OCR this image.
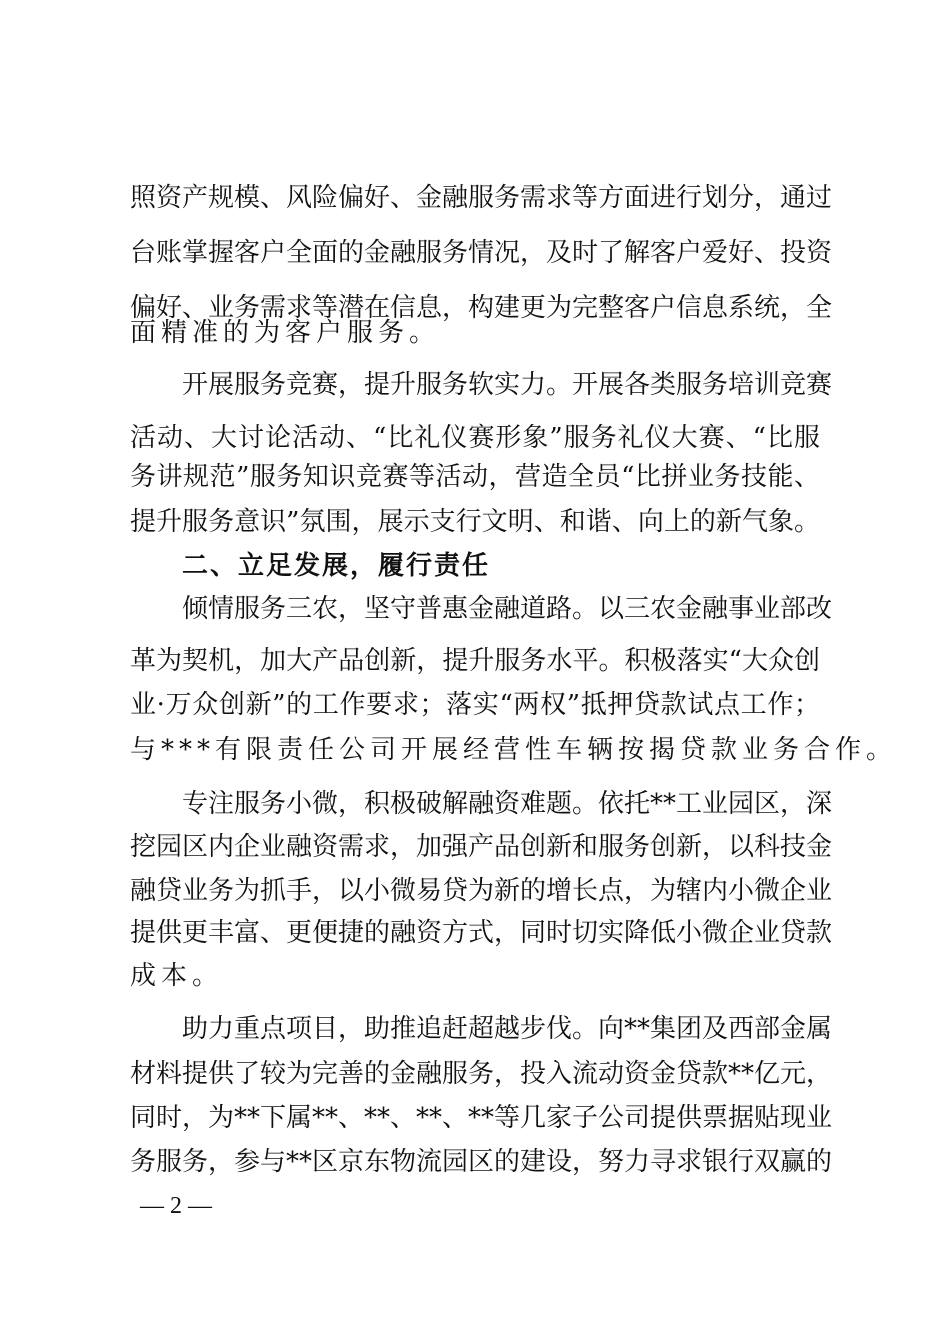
照资产规模、风险偏好、金融服务需求等方面进行划分，通过
台账掌握客户全面的金融服务情况，及时了解客户爱好、投资
偏好、业务需求等潜在信息，构建更为完整客户信息系统，全
面精准的为客户服务。
开展服务竞赛，提升服务软实力。开展各类服务培训竞赛
活动、大讨论活动、“比礼仪赛形象”服务礼仪大赛、“比服
务讲规范”服务知识竞赛等活动，营造全员“比拼业务技能、
提升服务意识”氛围，展示支行文明、和谐、向上的新气象。
二、立足发展，履行责任
倾情服务三农，坚守普惠金融道路。以三农金融事业部改
革为契机，加大产品创新，提升服务水平。积极落实“大众创
业·万众创新”的工作要求；落实“两权”抵押贷款试点工作；
与***有限责任公司开展经营性车辆按揭贷款业务合作。
专注服务小微，积极破解融资难题。依托**工业园区，深
挖园区内企业融资需求，加强产品创新和服务创新，以科技金
融贷业务为抓手，以小微易贷为新的增长点，为辖内小微企业
提供更丰富、更便捷的融资方式，同时切实降低小微企业贷款
成本。
助力重点项目，助推追赶超越步伐。向**集团及西部金属
材料提供了较为完善的金融服务，投入流动资金贷款**亿元，
同时，为**下属**、**、**、**等几家子公司提供票据贴现业
务服务，参与**区京东物流园区的建设，努力寻求银行双赢的
— 2 —
